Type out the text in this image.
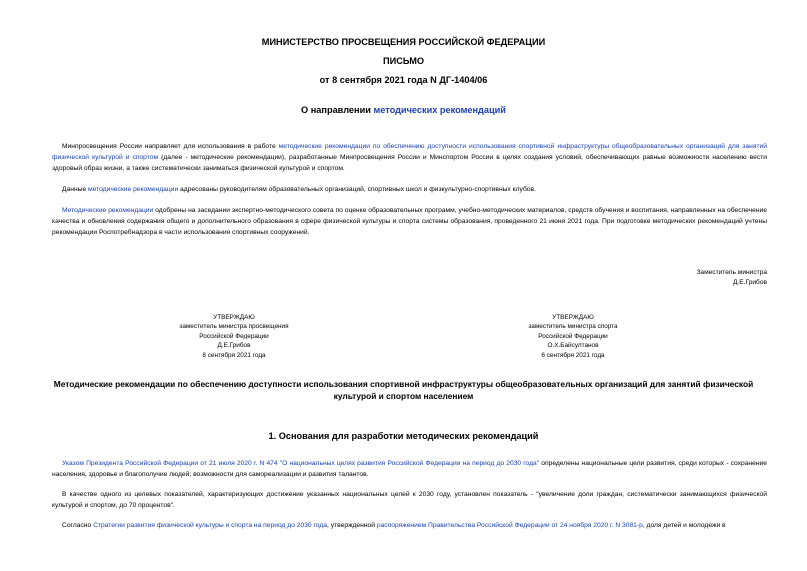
МИНИСТЕРСТВО ПРОСВЕЩЕНИЯ РОССИЙСКОЙ ФЕДЕРАЦИИ
ПИСЬМО
от 8 сентября 2021 года N ДГ-1404/06
О направлении методических рекомендаций

Минпросвещения России направляет для использования в работе методические рекомендации по обеспечению доступности использования спортивной инфраструктуры общеобразовательных организаций для занятий физической культурой и спортом (далее - методические рекомендации), разработанные Минпросвещения России и Минспортом России в целях создания условий, обеспечивающих равные возможности населению вести здоровый образ жизни, а также систематически заниматься физической культурой и спортом.

Данные методические рекомендации адресованы руководителям образовательных организаций, спортивных школ и физкультурно-спортивных клубов.

Методические рекомендации одобрены на заседании экспертно-методического совета по оценке образовательных программ, учебно-методических материалов, средств обучения и воспитания, направленных на обеспечение качества и обновления содержания общего и дополнительного образования в сфере физической культуры и спорта системы образования, проведенного 21 июня 2021 года. При подготовке методических рекомендаций учтены рекомендации Роспотребнадзора в части использования спортивных сооружений.

Заместитель министра
Д.Е.Грибов
УТВЕРЖДАЮ
заместитель министра просвещения
Российской Федерации
Д.Е.Грибов
8 сентября 2021 года
УТВЕРЖДАЮ
заместитель министра спорта
Российской Федерации
О.Х.Байсултанов
6 сентября 2021 года
Методические рекомендации по обеспечению доступности использования спортивной инфраструктуры общеобразовательных организаций для занятий физической культурой и спортом населением
1. Основания для разработки методических рекомендаций

Указом Президента Российской Федерации от 21 июля 2020 г. N 474 "О национальных целях развития Российской Федерации на период до 2030 года" определены национальные цели развития, среди которых - сохранение населения, здоровье и благополучие людей; возможности для самореализации и развития талантов.

В качестве одного из целевых показателей, характеризующих достижение указанных национальных целей к 2030 году, установлен показатель - "увеличение доли граждан, систематически занимающихся физической культурой и спортом, до 70 процентов".

Согласно Стратегии развития физической культуры и спорта на период до 2030 года, утвержденной распоряжением Правительства Российской Федерации от 24 ноября 2020 г. N 3081-р, доля детей и молодежи в
